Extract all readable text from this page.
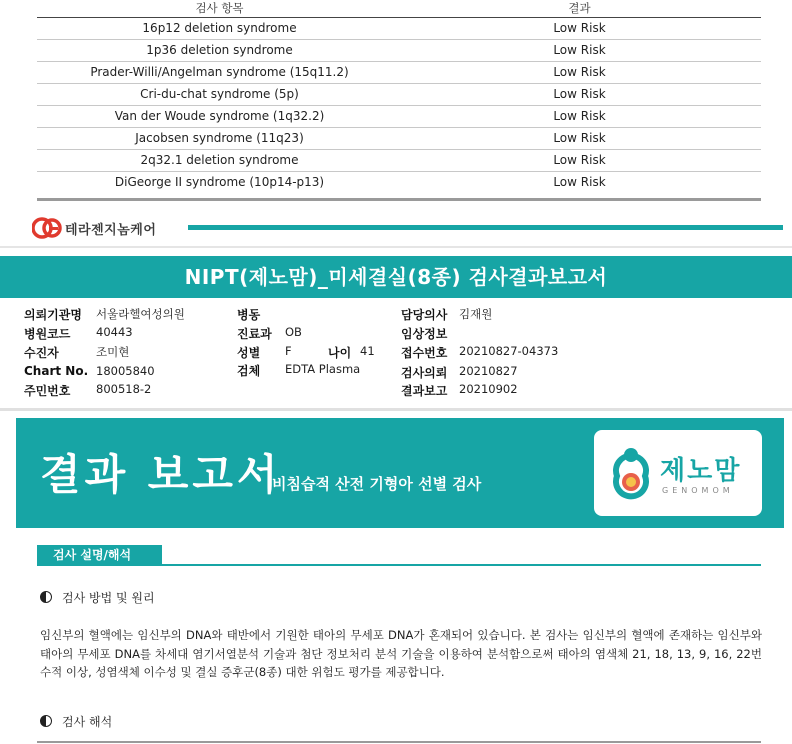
검사 항목	결과
16p12 deletion syndrome	Low Risk
1p36 deletion syndrome	Low Risk
Prader-Willi/Angelman syndrome (15q11.2)	Low Risk
Cri-du-chat syndrome (5p)	Low Risk
Van der Woude syndrome (1q32.2)	Low Risk
Jacobsen syndrome (11q23)	Low Risk
2q32.1 deletion syndrome	Low Risk
DiGeorge II syndrome (10p14-p13)	Low Risk
테라젠지놈케어
NIPT(제노맘)_미세결실(8종) 검사결과보고서
의뢰기관명 서울라헬여성의원
병원코드 40443
수진자	조미현
Chart No. 18005840
주민번호 800518-2
병동
진료과 OB
성별 F	나이 41
검체 EDTA Plasma
담당의사 김재원
임상정보
접수번호 20210827-04373
검사의뢰 20210827
결과보고 20210902
결과 보고서
비침습적 산전 기형아 선별 검사	제노맘
GENOMOM
검사 설명/해석
검사 방법 및 원리
임신부의 혈액에는 임신부의 DNA와 태반에서 기원한 태아의 무세포 DNA가 혼재되어 있습니다. 본 검사는 임신부의 혈액에 존재하는 임신부와 태아의 무세포 DNA를 차세대 염기서열분석 기술과 첨단 정보처리 분석 기술을 이용하여 분석함으로써 태아의 염색체 21, 18, 13, 9, 16, 22번 수적 이상, 성염색체 이수성 및 결실 증후군(8종) 대한 위험도 평가를 제공합니다.
검사 해석
